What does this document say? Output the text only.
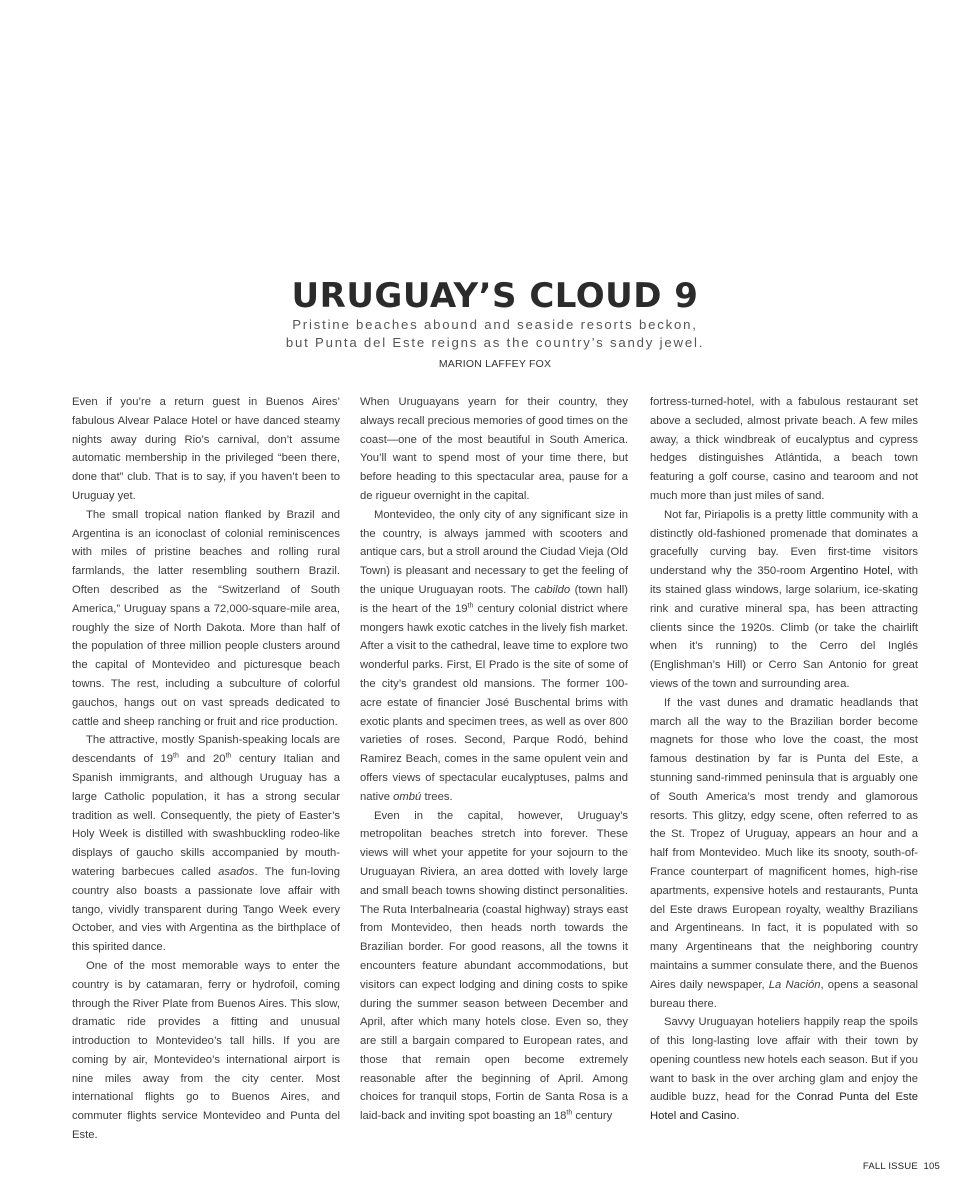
URUGUAY’S CLOUD 9
Pristine beaches abound and seaside resorts beckon,
but Punta del Este reigns as the country’s sandy jewel.
MARION LAFFEY FOX

Even if you’re a return guest in Buenos Aires’ fabulous Alvear Palace Hotel or have danced steamy nights away during Rio’s carnival, don’t assume automatic membership in the privileged “been there, done that” club. That is to say, if you haven’t been to Uruguay yet.

The small tropical nation flanked by Brazil and Argentina is an iconoclast of colonial reminiscences with miles of pristine beaches and rolling rural farmlands, the latter resembling southern Brazil. Often described as the “Switzerland of South America,” Uruguay spans a 72,000-square-mile area, roughly the size of North Dakota. More than half of the population of three million people clusters around the capital of Montevideo and picturesque beach towns. The rest, including a subculture of colorful gauchos, hangs out on vast spreads dedicated to cattle and sheep ranching or fruit and rice production.

The attractive, mostly Spanish-speaking locals are descendants of 19th and 20th century Italian and Spanish immigrants, and although Uruguay has a large Catholic population, it has a strong secular tradition as well. Consequently, the piety of Easter’s Holy Week is distilled with swashbuckling rodeo-like displays of gaucho skills accompanied by mouth-watering barbecues called asados. The fun-loving country also boasts a passionate love affair with tango, vividly transparent during Tango Week every October, and vies with Argentina as the birthplace of this spirited dance.

One of the most memorable ways to enter the country is by catamaran, ferry or hydrofoil, coming through the River Plate from Buenos Aires. This slow, dramatic ride provides a fitting and unusual introduction to Montevideo’s tall hills. If you are coming by air, Montevideo’s international airport is nine miles away from the city center. Most international flights go to Buenos Aires, and commuter flights service Montevideo and Punta del Este.

When Uruguayans yearn for their country, they always recall precious memories of good times on the coast—one of the most beautiful in South America. You’ll want to spend most of your time there, but before heading to this spectacular area, pause for a de rigueur overnight in the capital.

Montevideo, the only city of any significant size in the country, is always jammed with scooters and antique cars, but a stroll around the Ciudad Vieja (Old Town) is pleasant and necessary to get the feeling of the unique Uruguayan roots. The cabildo (town hall) is the heart of the 19th century colonial district where mongers hawk exotic catches in the lively fish market. After a visit to the cathedral, leave time to explore two wonderful parks. First, El Prado is the site of some of the city’s grandest old mansions. The former 100-acre estate of financier José Buschental brims with exotic plants and specimen trees, as well as over 800 varieties of roses. Second, Parque Rodó, behind Ramirez Beach, comes in the same opulent vein and offers views of spectacular eucalyptuses, palms and native ombú trees.

Even in the capital, however, Uruguay’s metropolitan beaches stretch into forever. These views will whet your appetite for your sojourn to the Uruguayan Riviera, an area dotted with lovely large and small beach towns showing distinct personalities. The Ruta Interbalnearia (coastal highway) strays east from Montevideo, then heads north towards the Brazilian border. For good reasons, all the towns it encounters feature abundant accommodations, but visitors can expect lodging and dining costs to spike during the summer season between December and April, after which many hotels close. Even so, they are still a bargain compared to European rates, and those that remain open become extremely reasonable after the beginning of April. Among choices for tranquil stops, Fortin de Santa Rosa is a laid-back and inviting spot boasting an 18th century

fortress-turned-hotel, with a fabulous restaurant set above a secluded, almost private beach. A few miles away, a thick windbreak of eucalyptus and cypress hedges distinguishes Atlántida, a beach town featuring a golf course, casino and tearoom and not much more than just miles of sand.

Not far, Piriapolis is a pretty little community with a distinctly old-fashioned promenade that dominates a gracefully curving bay. Even first-time visitors understand why the 350-room Argentino Hotel, with its stained glass windows, large solarium, ice-skating rink and curative mineral spa, has been attracting clients since the 1920s. Climb (or take the chairlift when it’s running) to the Cerro del Inglés (Englishman’s Hill) or Cerro San Antonio for great views of the town and surrounding area.

If the vast dunes and dramatic headlands that march all the way to the Brazilian border become magnets for those who love the coast, the most famous destination by far is Punta del Este, a stunning sand-rimmed peninsula that is arguably one of South America’s most trendy and glamorous resorts. This glitzy, edgy scene, often referred to as the St. Tropez of Uruguay, appears an hour and a half from Montevideo. Much like its snooty, south-of-France counterpart of magnificent homes, high-rise apartments, expensive hotels and restaurants, Punta del Este draws European royalty, wealthy Brazilians and Argentineans. In fact, it is populated with so many Argentineans that the neighboring country maintains a summer consulate there, and the Buenos Aires daily newspaper, La Nación, opens a seasonal bureau there.

Savvy Uruguayan hoteliers happily reap the spoils of this long-lasting love affair with their town by opening countless new hotels each season. But if you want to bask in the over arching glam and enjoy the audible buzz, head for the Conrad Punta del Este Hotel and Casino.

FALL ISSUE 105
